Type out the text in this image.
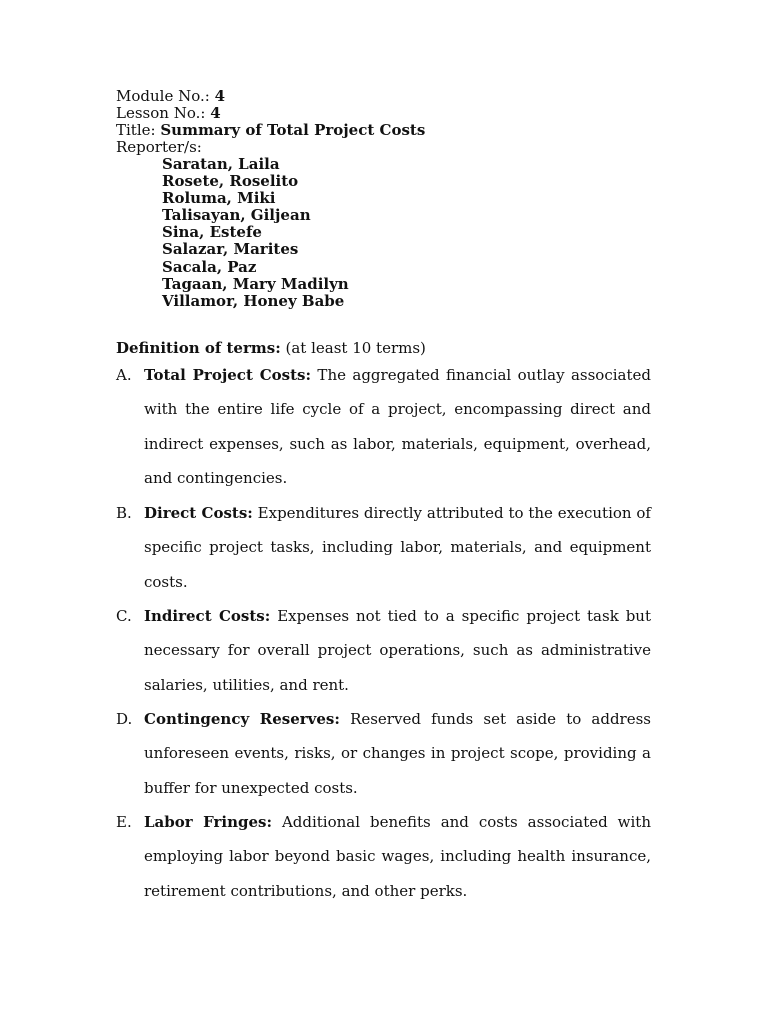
Module No.: 4
Lesson No.: 4
Title: Summary of Total Project Costs
Reporter/s:
Saratan, Laila
Rosete, Roselito
Roluma, Miki
Talisayan, Giljean
Sina, Estefe
Salazar, Marites
Sacala, Paz
Tagaan, Mary Madilyn
Villamor, Honey Babe
Definition of terms: (at least 10 terms)
A. Total Project Costs: The aggregated financial outlay associated with the entire life cycle of a project, encompassing direct and indirect expenses, such as labor, materials, equipment, overhead, and contingencies.
B. Direct Costs: Expenditures directly attributed to the execution of specific project tasks, including labor, materials, and equipment costs.
C. Indirect Costs: Expenses not tied to a specific project task but necessary for overall project operations, such as administrative salaries, utilities, and rent.
D. Contingency Reserves: Reserved funds set aside to address unforeseen events, risks, or changes in project scope, providing a buffer for unexpected costs.
E. Labor Fringes: Additional benefits and costs associated with employing labor beyond basic wages, including health insurance, retirement contributions, and other perks.
